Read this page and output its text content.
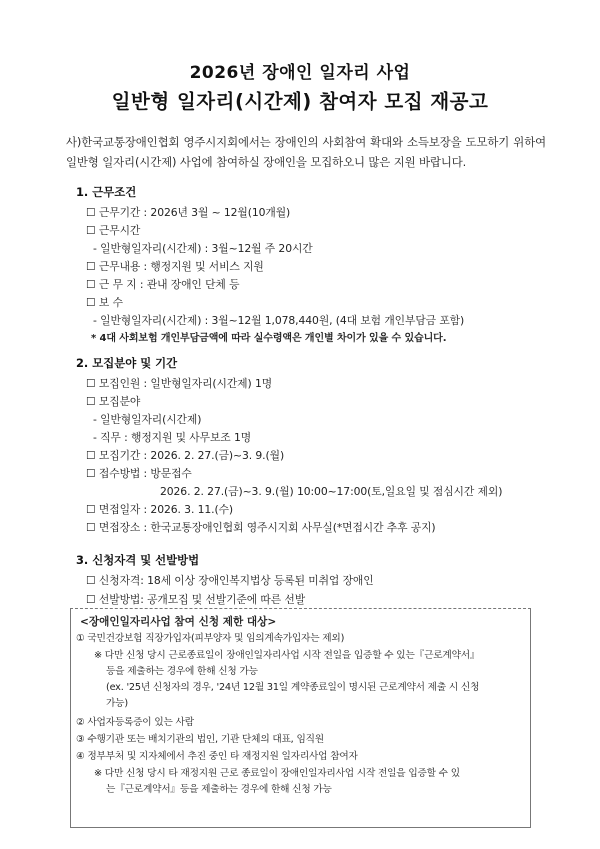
2026년 장애인 일자리 사업
일반형 일자리(시간제) 참여자 모집 재공고
사)한국교통장애인협회 영주시지회에서는 장애인의 사회참여 확대와 소득보장을 도모하기 위하여 일반형 일자리(시간제) 사업에 참여하실 장애인을 모집하오니 많은 지원 바랍니다.
1. 근무조건
☐ 근무기간 : 2026년 3월 ~ 12월(10개월)
☐ 근무시간
- 일반형일자리(시간제) : 3월~12월 주 20시간
☐ 근무내용 : 행정지원 및 서비스 지원
☐ 근 무 지 : 관내 장애인 단체 등
☐ 보 수
- 일반형일자리(시간제) : 3월~12월 1,078,440원, (4대 보험 개인부담금 포함)
* 4대 사회보험 개인부담금액에 따라 실수령액은 개인별 차이가 있을 수 있습니다.
2. 모집분야 및 기간
☐ 모집인원 : 일반형일자리(시간제) 1명
☐ 모집분야
- 일반형일자리(시간제)
- 직무 : 행정지원 및 사무보조 1명
☐ 모집기간 : 2026. 2. 27.(금)~3. 9.(월)
☐ 접수방법 : 방문접수
2026. 2. 27.(금)~3. 9.(월) 10:00~17:00(토,일요일 및 점심시간 제외)
☐ 면접일자 : 2026. 3. 11.(수)
☐ 면접장소 : 한국교통장애인협회 영주시지회 사무실(*면접시간 추후 공지)
3. 신청자격 및 선발방법
☐ 신청자격: 18세 이상 장애인복지법상 등록된 미취업 장애인
☐ 선발방법: 공개모집 및 선발기준에 따른 선발
<장애인일자리사업 참여 신청 제한 대상>
① 국민건강보험 직장가입자(피부양자 및 임의계속가입자는 제외)
※ 다만 신청 당시 근로종료일이 장애인일자리사업 시작 전일을 입증할 수 있는『근로계약서』
등을 제출하는 경우에 한해 신청 가능
(ex. '25년 신청자의 경우, '24년 12월 31일 계약종료일이 명시된 근로계약서 제출 시 신청
가능)
② 사업자등록증이 있는 사람
③ 수행기관 또는 배치기관의 법인, 기관 단체의 대표, 임직원
④ 정부부처 및 지자체에서 추진 중인 타 재정지원 일자리사업 참여자
※ 다만 신청 당시 타 재정지원 근로 종료일이 장애인일자리사업 시작 전일을 입증할 수 있
는『근로계약서』등을 제출하는 경우에 한해 신청 가능
